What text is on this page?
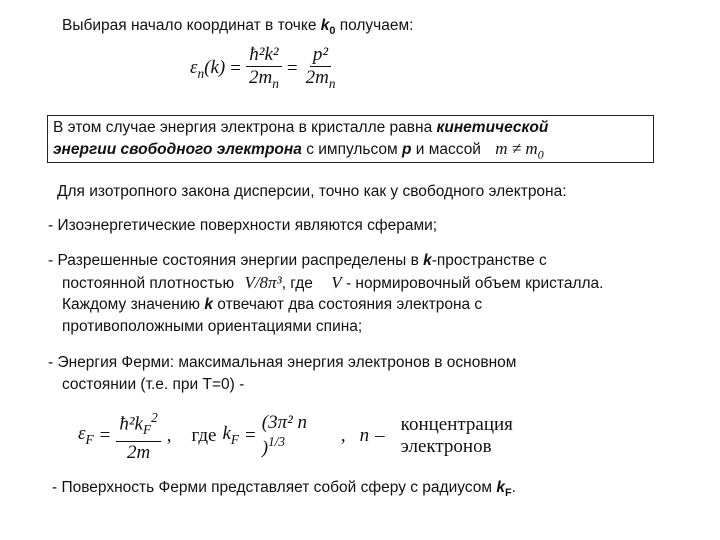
Выбирая начало координат в точке $k_0$ получаем:
$\varepsilon_n(k) = \frac{\text{ħ²k²}}{2m_n} = \frac{\text{p²}}{2m_n}$
В этом случае энергия электрона в кристалле равна кинетической
энергии свободного электрона с импульсом p и массой $m \ne m_0$
Для изотропного закона дисперсии, точно как у свободного электрона:
- Изоэнергетические поверхности являются сферами;
- Разрешенные состояния энергии распределены в k-пространстве с
постоянной плотностью V/8π³, где V - нормировочный объем кристалла.
Каждому значению k отвечают два состояния электрона с
противоположными ориентациями спина;
- Энергия Ферми: максимальная энергия электронов в основном
состоянии (т.е. при T=0) -
$\varepsilon_F = \frac{ħ^2k_F^2}{2m}$ , где $k_F$ =
(3π² n )$^{1/3}$	, n –
концентрация электронов
- Поверхность Ферми представляет собой сферу с радиусом $k_F$.
